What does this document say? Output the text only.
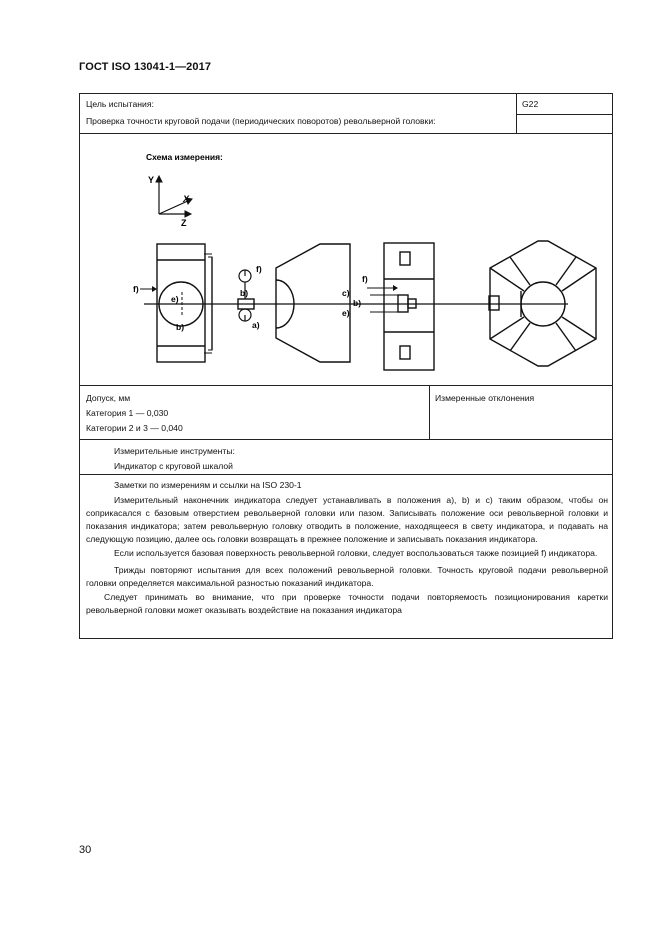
ГОСТ ISO 13041-1—2017
Цель испытания:
Проверка точности круговой подачи (периодических поворотов) револьверной головки:
G22
Схема измерения:
Y
X
Z
f)
e)
b)
f)
b)
a)
f)
c)
b)
e)
Допуск, мм
Категория 1 — 0,030
Категории 2 и 3 — 0,040
Измеренные отклонения
Измерительные инструменты:
Индикатор с круговой шкалой
Заметки по измерениям и ссылки на ISO 230-1

Измерительный наконечник индикатора следует устанавливать в положения а), b) и с) таким образом, чтобы он соприкасался с базовым отверстием револьверной головки или пазом. Записывать положение оси револьверной головки и показания индикатора; затем револьверную головку отводить в положение, находящееся в свету индикатора, и подавать на следующую позицию, далее ось головки возвращать в прежнее положение и записывать показания индикатора.

Если используется базовая поверхность револьверной головки, следует воспользоваться также позицией f) индикатора.

Трижды повторяют испытания для всех положений револьверной головки. Точность круговой подачи револьверной головки определяется максимальной разностью показаний индикатора.

Следует принимать во внимание, что при проверке точности подачи повторяемость позиционирования каретки револьверной головки может оказывать воздействие на показания индикатора

30
